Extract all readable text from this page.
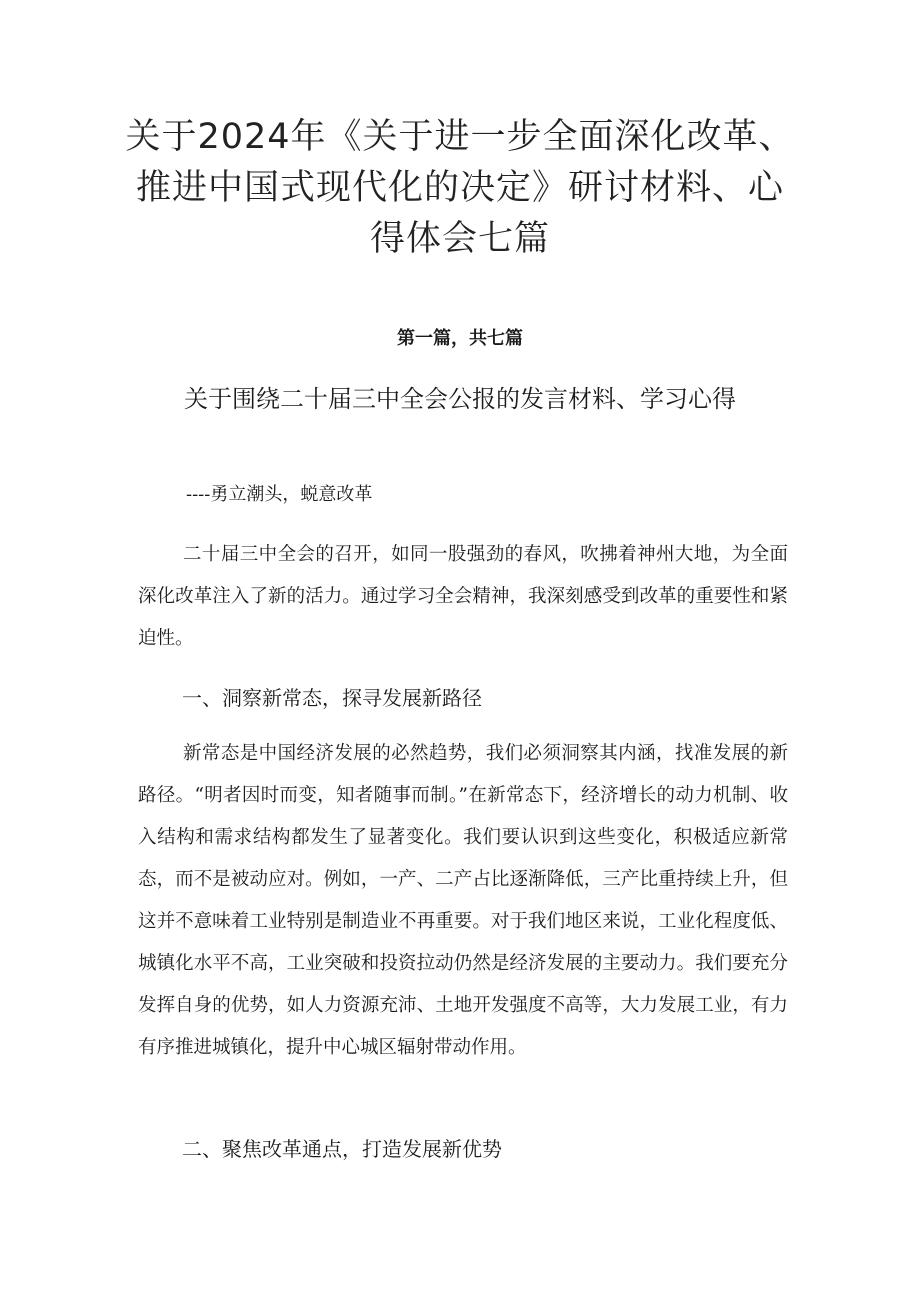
关于2024年《关于进一步全面深化改革、推进中国式现代化的决定》研讨材料、心得体会七篇
第一篇，共七篇
关于围绕二十届三中全会公报的发言材料、学习心得
----勇立潮头，蜕意改革

二十届三中全会的召开，如同一股强劲的春风，吹拂着神州大地，为全面深化改革注入了新的活力。通过学习全会精神，我深刻感受到改革的重要性和紧迫性。

一、洞察新常态，探寻发展新路径

新常态是中国经济发展的必然趋势，我们必须洞察其内涵，找准发展的新路径。“明者因时而变，知者随事而制。”在新常态下，经济增长的动力机制、收入结构和需求结构都发生了显著变化。我们要认识到这些变化，积极适应新常态，而不是被动应对。例如，一产、二产占比逐渐降低，三产比重持续上升，但这并不意味着工业特别是制造业不再重要。对于我们地区来说，工业化程度低、城镇化水平不高，工业突破和投资拉动仍然是经济发展的主要动力。我们要充分发挥自身的优势，如人力资源充沛、土地开发强度不高等，大力发展工业，有力有序推进城镇化，提升中心城区辐射带动作用。

二、聚焦改革通点，打造发展新优势
